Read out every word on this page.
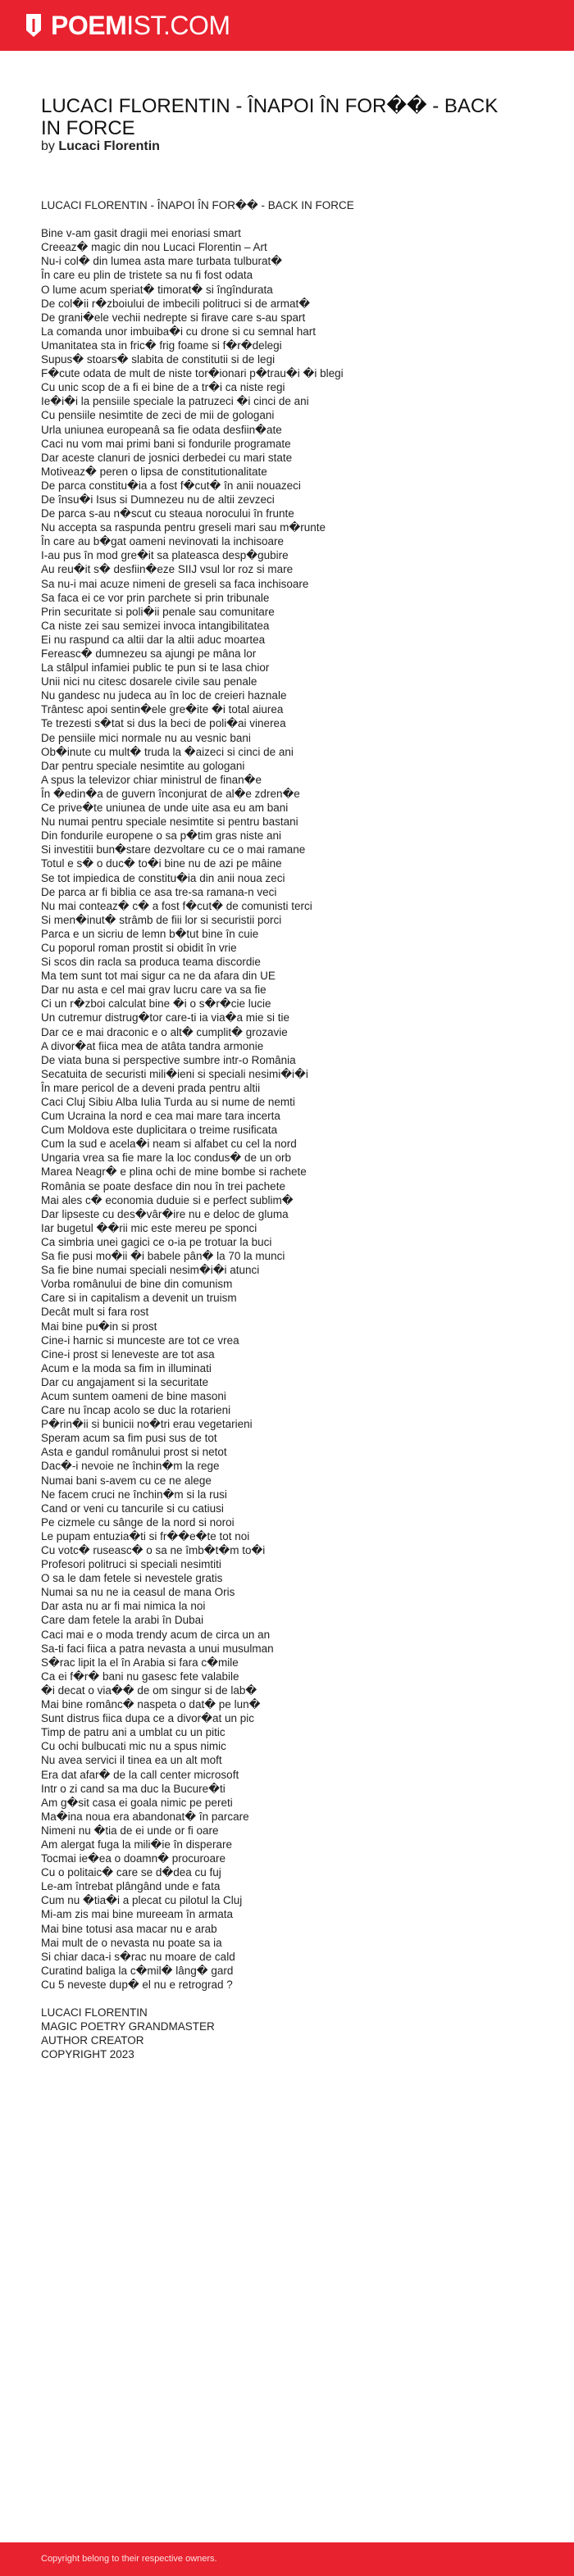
POEMIST.COM
LUCACI FLORENTIN - ÎNAPOI ÎN FOR�� - BACK IN FORCE
by Lucaci Florentin
LUCACI FLORENTIN - ÎNAPOI ÎN FOR�� - BACK IN FORCE
Bine v-am gasit dragii mei enoriasi smart
Creeaz� magic din nou Lucaci Florentin – Art
Nu-i col� din lumea asta mare turbata tulburat�
În care eu plin de tristete sa nu fi fost odata
O lume acum speriat� timorat� si îngîndurata
De col�ii r�zboiului de imbecili politruci si de armat�
De grani�ele vechii nedrepte si firave care s-au spart
La comanda unor imbuiba�i cu drone si cu semnal hart
Umanitatea sta in fric� frig foame si f�r�delegi
Supus� stoars� slabita de constitutii si de legi
F�cute odata de mult de niste tor�ionari p�trau�i �i blegi
Cu unic scop de a fi ei bine de a tr�i ca niste regi
Ie�i�i la pensiile speciale la patruzeci �i cinci de ani
Cu pensiile nesimtite de zeci de mii de gologani
Urla uniunea europeanâ sa fie odata desfiin�ate
Caci nu vom mai primi bani si fondurile programate
Dar aceste clanuri de josnici derbedei cu mari state
Motiveaz� peren o lipsa de constitutionalitate
De parca constitu�ia a fost f�cut� în anii nouazeci
De însu�i Isus si Dumnezeu nu de altii zevzeci
De parca s-au n�scut cu steaua norocului în frunte
Nu accepta sa raspunda pentru greseli mari sau m�runte
În care au b�gat oameni nevinovati la inchisoare
I-au pus în mod gre�it sa plateasca desp�gubire
Au reu�it s� desfiin�eze SIIJ vsul lor roz si mare
Sa nu-i mai acuze nimeni de greseli sa faca inchisoare
Sa faca ei ce vor prin parchete si prin tribunale
Prin securitate si poli�ii penale sau comunitare
Ca niste zei sau semizei invoca intangibilitatea
Ei nu raspund ca altii dar la altii aduc moartea
Fereasc� dumnezeu sa ajungi pe mâna lor
La stâlpul infamiei public te pun si te lasa chior
Unii nici nu citesc dosarele civile sau penale
Nu gandesc nu judeca au în loc de creieri haznale
Trântesc apoi sentin�ele gre�ite �i total aiurea
Te trezesti s�tat si dus la beci de poli�ai vinerea
De pensiile mici normale nu au vesnic bani
Ob�inute cu mult� truda la �aizeci si cinci de ani
Dar pentru speciale nesimtite au gologani
A spus la televizor chiar ministrul de finan�e
În �edin�a de guvern înconjurat de al�e zdren�e
Ce prive�te uniunea de unde uite asa eu am bani
Nu numai pentru speciale nesimtite si pentru bastani
Din fondurile europene o sa p�tim gras niste ani
Si investitii bun�stare dezvoltare cu ce o mai ramane
Totul e s� o duc� to�i bine nu de azi pe mâine
Se tot impiedica de constitu�ia din anii noua zeci
De parca ar fi biblia ce asa tre-sa ramana-n veci
Nu mai conteaz� c� a fost f�cut� de comunisti terci
Si men�inut� strâmb de fiii lor si securistii porci
Parca e un sicriu de lemn b�tut bine în cuie
Cu poporul roman prostit si obidit în vrie
Si scos din racla sa produca teama discordie
Ma tem sunt tot mai sigur ca ne da afara din UE
Dar nu asta e cel mai grav lucru care va sa fie
Ci un r�zboi calculat bine �i o s�r�cie lucie
Un cutremur distrug�tor care-ti ia via�a mie si tie
Dar ce e mai draconic e o alt� cumplit� grozavie
A divor�at fiica mea de atâta tandra armonie
De viata buna si perspective sumbre intr-o România
Secatuita de securisti mili�ieni si speciali nesimi�i�i
În mare pericol de a deveni prada pentru altii
Caci Cluj Sibiu Alba Iulia Turda au si nume de nemti
Cum Ucraina la nord e cea mai mare tara incerta
Cum Moldova este duplicitara o treime rusificata
Cum la sud e acela�i neam si alfabet cu cel la nord
Ungaria vrea sa fie mare la loc condus� de un orb
Marea Neagr� e plina ochi de mine bombe si rachete
România se poate desface din nou în trei pachete
Mai ales c� economia duduie si e perfect sublim�
Dar lipseste cu des�vâr�ire nu e deloc de gluma
Iar bugetul ��rii mic este mereu pe sponci
Ca simbria unei gagici ce o-ia pe trotuar la buci
Sa fie pusi mo�ii �i babele pân� la 70 la munci
Sa fie bine numai speciali nesim�i�i atunci
Vorba românului de bine din comunism
Care si in capitalism a devenit un truism
Decât mult si fara rost
Mai bine pu�in si prost
Cine-i harnic si munceste are tot ce vrea
Cine-i prost si leneveste are tot asa
Acum e la moda sa fim in illuminati
Dar cu angajament si la securitate
Acum suntem oameni de bine masoni
Care nu încap acolo se duc la rotarieni
P�rin�ii si bunicii no�tri erau vegetarieni
Speram acum sa fim pusi sus de tot
Asta e gandul românului prost si netot
Dac�-i nevoie ne închin�m la rege
Numai bani s-avem cu ce ne alege
Ne facem cruci ne închin�m si la rusi
Cand or veni cu tancurile si cu catiusi
Pe cizmele cu sânge de la nord si noroi
Le pupam entuzia�ti si fr��e�te tot noi
Cu votc� ruseasc� o sa ne îmb�t�m to�i
Profesori politruci si speciali nesimtiti
O sa le dam fetele si nevestele gratis
Numai sa nu ne ia ceasul de mana Oris
Dar asta nu ar fi mai nimica la noi
Care dam fetele la arabi în Dubai
Caci mai e o moda trendy acum de circa un an
Sa-ti faci fiica a patra nevasta a unui musulman
S�rac lipit la el în Arabia si fara c�mile
Ca ei f�r� bani nu gasesc fete valabile
�i decat o via�� de om singur si de lab�
Mai bine românc� naspeta o dat� pe lun�
Sunt distrus fiica dupa ce a divor�at un pic
Timp de patru ani a umblat cu un pitic
Cu ochi bulbucati mic nu a spus nimic
Nu avea servici il tinea ea un alt moft
Era dat afar� de la call center microsoft
Intr o zi cand sa ma duc la Bucure�ti
Am g�sit casa ei goala nimic pe pereti
Ma�ina noua era abandonat� în parcare
Nimeni nu �tia de ei unde or fi oare
Am alergat fuga la mili�ie în disperare
Tocmai ie�ea o doamn� procuroare
Cu o politaic� care se d�dea cu fuj
Le-am întrebat plângând unde e fata
Cum nu �tia�i a plecat cu pilotul la Cluj
Mi-am zis mai bine mureeam în armata
Mai bine totusi asa macar nu e arab
Mai mult de o nevasta nu poate sa ia
Si chiar daca-i s�rac nu moare de cald
Curatind baliga la c�mil� lâng� gard
Cu 5 neveste dup� el nu e retrograd ?
LUCACI FLORENTIN
MAGIC POETRY GRANDMASTER
AUTHOR CREATOR
COPYRIGHT 2023
Copyright belong to their respective owners.
